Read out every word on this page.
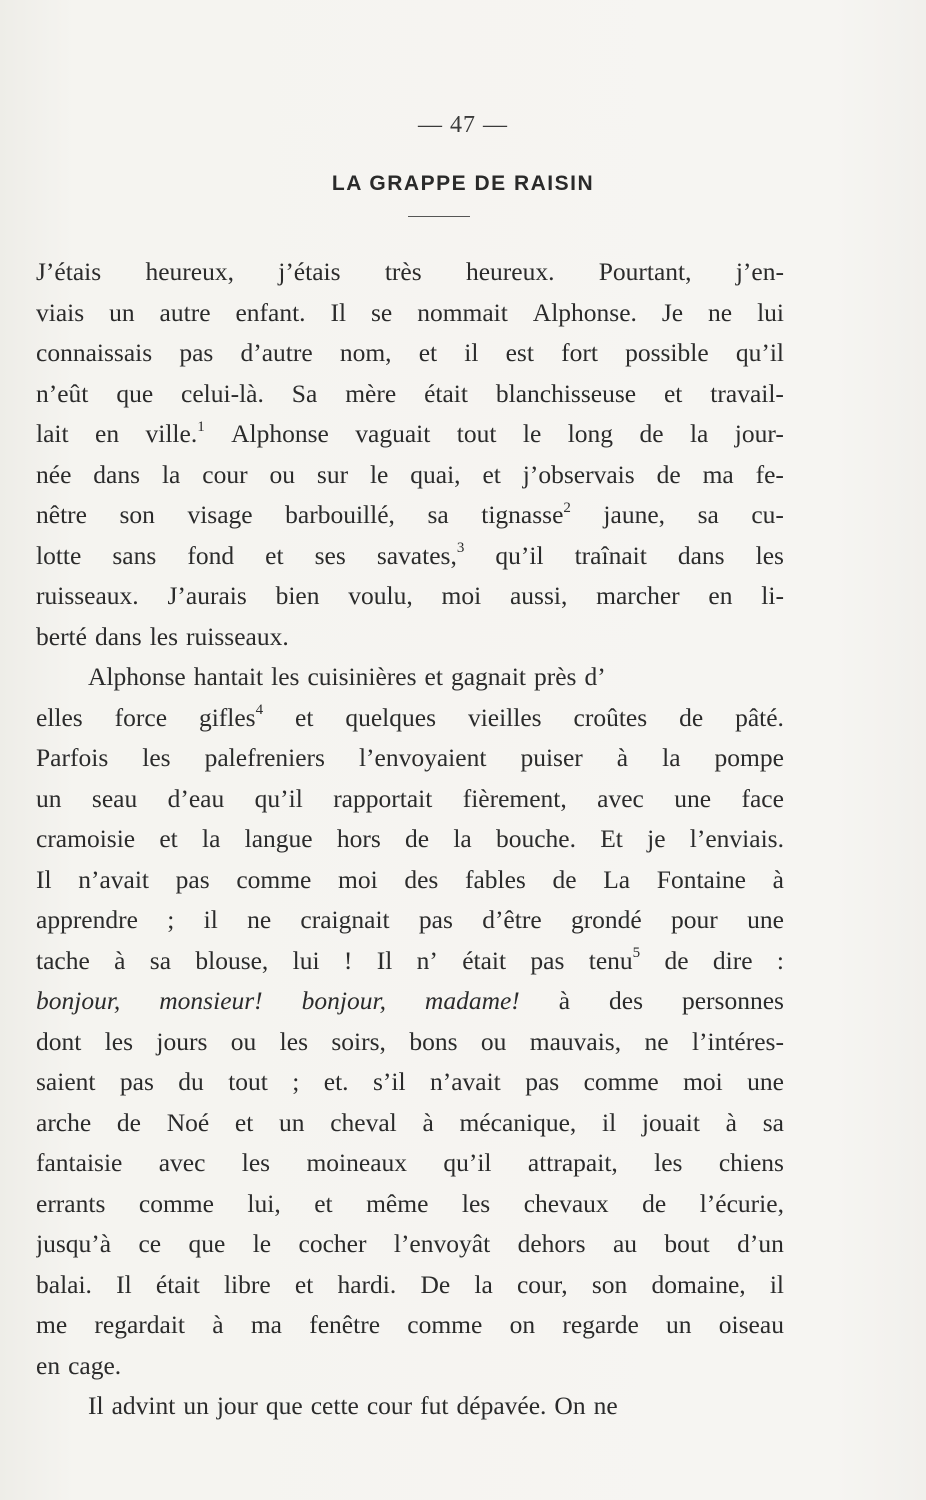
— 47 —
LA GRAPPE DE RAISIN
J’étais heureux, j’étais très heureux. Pourtant, j’en-
viais un autre enfant. Il se nommait Alphonse. Je ne lui
connaissais pas d’autre nom, et il est fort possible qu’il
n’eût que celui-là. Sa mère était blanchisseuse et travail-
lait en ville.$^1$ Alphonse vaguait tout le long de la jour-
née dans la cour ou sur le quai, et j’observais de ma fe-
nêtre son visage barbouillé, sa tignasse$^2$ jaune, sa cu-
lotte sans fond et ses savates,$^3$ qu’il traînait dans les
ruisseaux. J’aurais bien voulu, moi aussi, marcher en li-
berté dans les ruisseaux.
Alphonse hantait les cuisinières et gagnait près d’
elles force gifles$^4$ et quelques vieilles croûtes de pâté.
Parfois les palefreniers l’envoyaient puiser à la pompe
un seau d’eau qu’il rapportait fièrement, avec une face
cramoisie et la langue hors de la bouche. Et je l’enviais.
Il n’avait pas comme moi des fables de La Fontaine à
apprendre ; il ne craignait pas d’être grondé pour une
tache à sa blouse, lui ! Il n’ était pas tenu$^5$ de dire :
bonjour, monsieur! bonjour, madame! à des personnes
dont les jours ou les soirs, bons ou mauvais, ne l’intéres-
saient pas du tout ; et. s’il n’avait pas comme moi une
arche de Noé et un cheval à mécanique, il jouait à sa
fantaisie avec les moineaux qu’il attrapait, les chiens
errants comme lui, et même les chevaux de l’écurie,
jusqu’à ce que le cocher l’envoyât dehors au bout d’un
balai. Il était libre et hardi. De la cour, son domaine, il
me regardait à ma fenêtre comme on regarde un oiseau
en cage.
Il advint un jour que cette cour fut dépavée. On ne
